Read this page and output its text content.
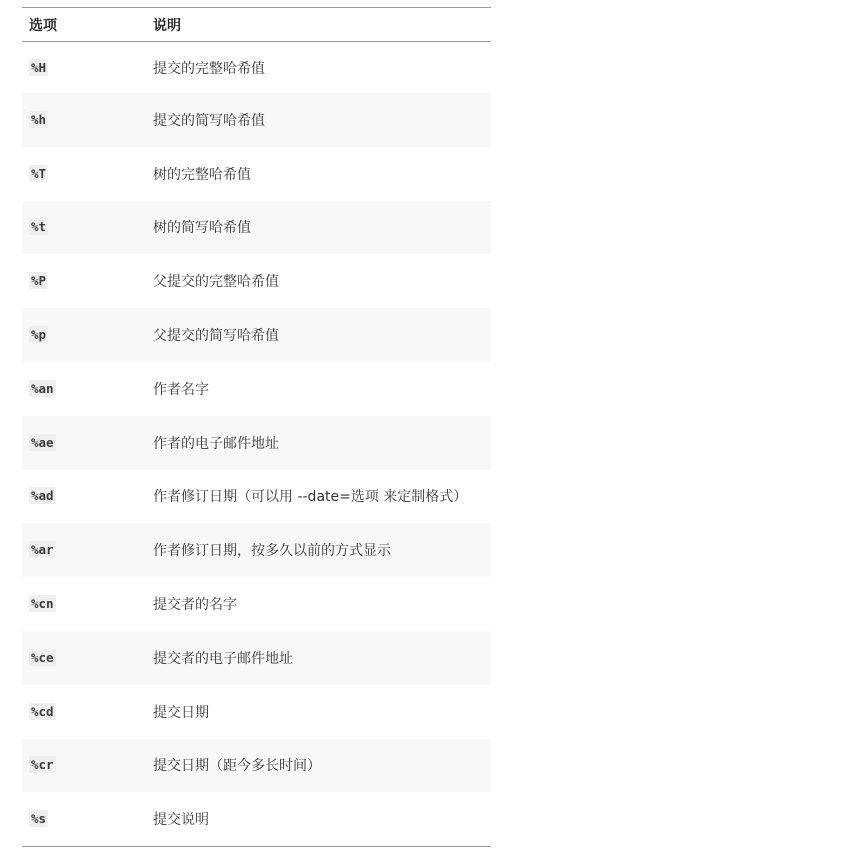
选项	说明
%H	提交的完整哈希值
%h	提交的简写哈希值
%T	树的完整哈希值
%t	树的简写哈希值
%P	父提交的完整哈希值
%p	父提交的简写哈希值
%an	作者名字
%ae	作者的电子邮件地址
%ad	作者修订日期（可以用 --date=选项 来定制格式）
%ar	作者修订日期，按多久以前的方式显示
%cn	提交者的名字
%ce	提交者的电子邮件地址
%cd	提交日期
%cr	提交日期（距今多长时间）
%s	提交说明
